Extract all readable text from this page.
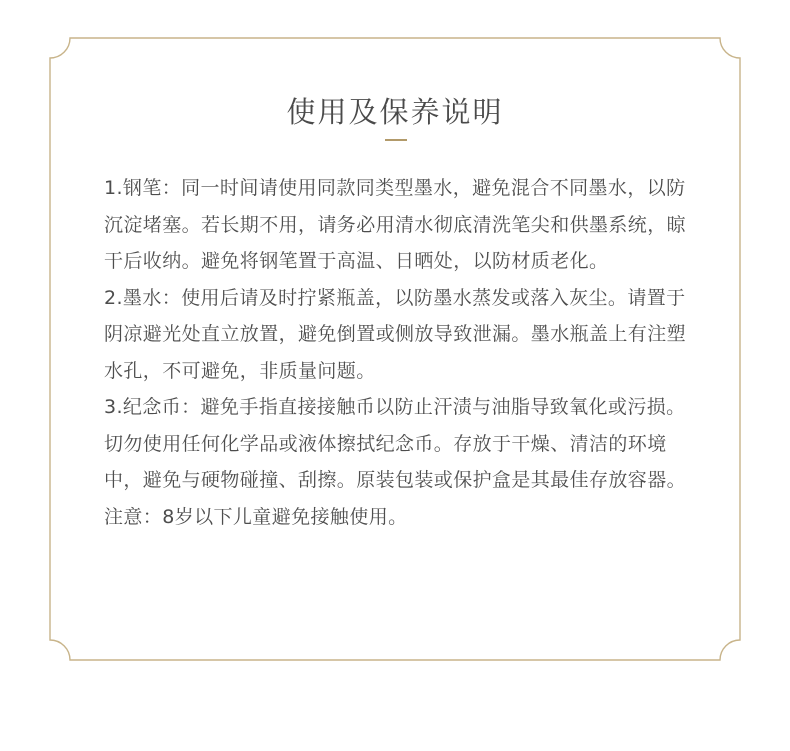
使用及保养说明

1.钢笔：同一时间请使用同款同类型墨水，避免混合不同墨水，以防沉淀堵塞。若长期不用，请务必用清水彻底清洗笔尖和供墨系统，晾干后收纳。避免将钢笔置于高温、日晒处，以防材质老化。

2.墨水：使用后请及时拧紧瓶盖，以防墨水蒸发或落入灰尘。请置于阴凉避光处直立放置，避免倒置或侧放导致泄漏。墨水瓶盖上有注塑水孔，不可避免，非质量问题。

3.纪念币：避免手指直接接触币以防止汗渍与油脂导致氧化或污损。切勿使用任何化学品或液体擦拭纪念币。存放于干燥、清洁的环境中，避免与硬物碰撞、刮擦。原装包装或保护盒是其最佳存放容器。

注意：8岁以下儿童避免接触使用。
